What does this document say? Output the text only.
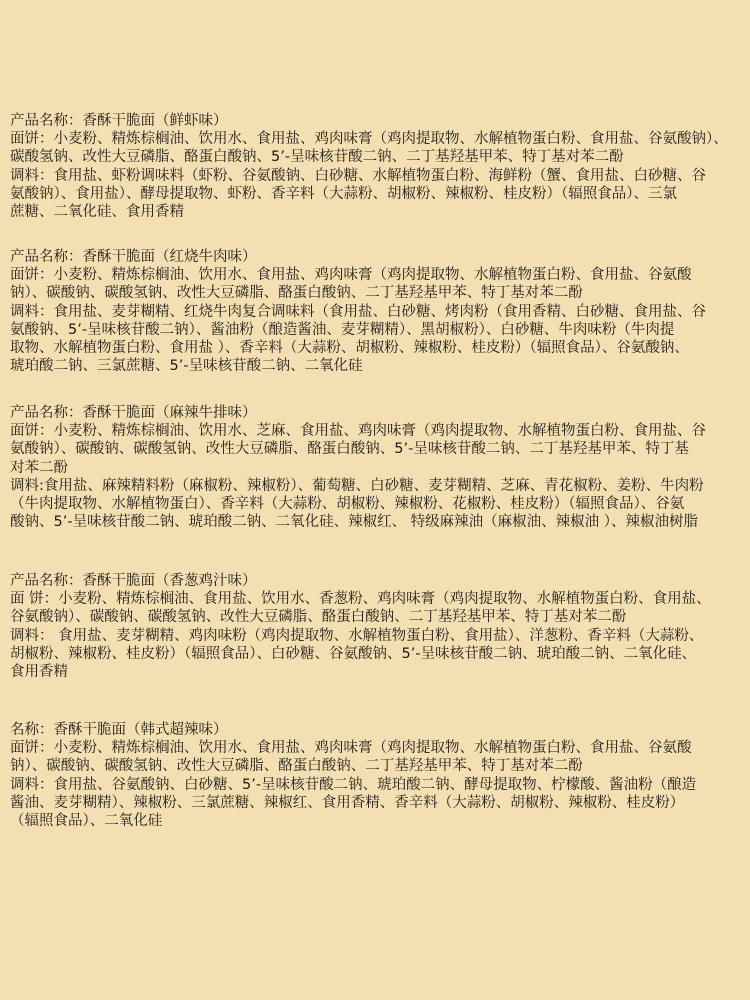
产品名称：香酥干脆面（鲜虾味）
面饼：小麦粉、精炼棕榈油、饮用水、食用盐、鸡肉味膏（鸡肉提取物、水解植物蛋白粉、食用盐、谷氨酸钠）、
碳酸氢钠、改性大豆磷脂、酪蛋白酸钠、5’-呈味核苷酸二钠、二丁基羟基甲苯、特丁基对苯二酚
调料：食用盐、虾粉调味料（虾粉、谷氨酸钠、白砂糖、水解植物蛋白粉、海鲜粉（蟹、食用盐、白砂糖、谷
氨酸钠）、食用盐）、酵母提取物、虾粉、香辛料（大蒜粉、胡椒粉、辣椒粉、桂皮粉）（辐照食品）、三氯
蔗糖、二氧化硅、食用香精
产品名称：香酥干脆面（红烧牛肉味）
面饼：小麦粉、精炼棕榈油、饮用水、食用盐、鸡肉味膏（鸡肉提取物、水解植物蛋白粉、食用盐、谷氨酸
钠）、碳酸钠、碳酸氢钠、改性大豆磷脂、酪蛋白酸钠、二丁基羟基甲苯、特丁基对苯二酚
调料：食用盐、麦芽糊精、红烧牛肉复合调味料（食用盐、白砂糖、烤肉粉（食用香精、白砂糖、食用盐、谷
氨酸钠、5’-呈味核苷酸二钠）、酱油粉（酿造酱油、麦芽糊精）、黑胡椒粉）、白砂糖、牛肉味粉（牛肉提
取物、水解植物蛋白粉、食用盐 ）、香辛料（大蒜粉、胡椒粉、辣椒粉、桂皮粉）（辐照食品）、谷氨酸钠、
琥珀酸二钠、三氯蔗糖、5’-呈味核苷酸二钠、二氧化硅
产品名称：香酥干脆面（麻辣牛排味）
面饼：小麦粉、精炼棕榈油、饮用水、芝麻、食用盐、鸡肉味膏（鸡肉提取物、水解植物蛋白粉、食用盐、谷
氨酸钠）、碳酸钠、碳酸氢钠、改性大豆磷脂、酪蛋白酸钠、5’-呈味核苷酸二钠、二丁基羟基甲苯、特丁基
对苯二酚
调料:食用盐、麻辣精料粉（麻椒粉、辣椒粉）、葡萄糖、白砂糖、麦芽糊精、芝麻、青花椒粉、姜粉、牛肉粉
（牛肉提取物、水解植物蛋白）、香辛料（大蒜粉、胡椒粉、辣椒粉、花椒粉、桂皮粉）（辐照食品）、谷氨
酸钠、5’-呈味核苷酸二钠、琥珀酸二钠、二氧化硅、辣椒红、 特级麻辣油（麻椒油、辣椒油 ）、辣椒油树脂
产品名称：香酥干脆面（香葱鸡汁味）
面 饼：小麦粉、精炼棕榈油、食用盐、饮用水、香葱粉、鸡肉味膏（鸡肉提取物、水解植物蛋白粉、食用盐、
谷氨酸钠）、碳酸钠、碳酸氢钠、改性大豆磷脂、酪蛋白酸钠、二丁基羟基甲苯、特丁基对苯二酚
调料： 食用盐、麦芽糊精、鸡肉味粉（鸡肉提取物、水解植物蛋白粉、食用盐）、洋葱粉、香辛料（大蒜粉、
胡椒粉、辣椒粉、桂皮粉）（辐照食品）、白砂糖、谷氨酸钠、5’-呈味核苷酸二钠、琥珀酸二钠、二氧化硅、
食用香精
名称：香酥干脆面（韩式超辣味）
面饼：小麦粉、精炼棕榈油、饮用水、食用盐、鸡肉味膏（鸡肉提取物、水解植物蛋白粉、食用盐、谷氨酸
钠）、碳酸钠、碳酸氢钠、改性大豆磷脂、酪蛋白酸钠、二丁基羟基甲苯、特丁基对苯二酚
调料：食用盐、谷氨酸钠、白砂糖、5’-呈味核苷酸二钠、琥珀酸二钠、酵母提取物、柠檬酸、酱油粉（酿造
酱油、麦芽糊精）、辣椒粉、三氯蔗糖、辣椒红、食用香精、香辛料（大蒜粉、胡椒粉、辣椒粉、桂皮粉）
（辐照食品）、二氧化硅
